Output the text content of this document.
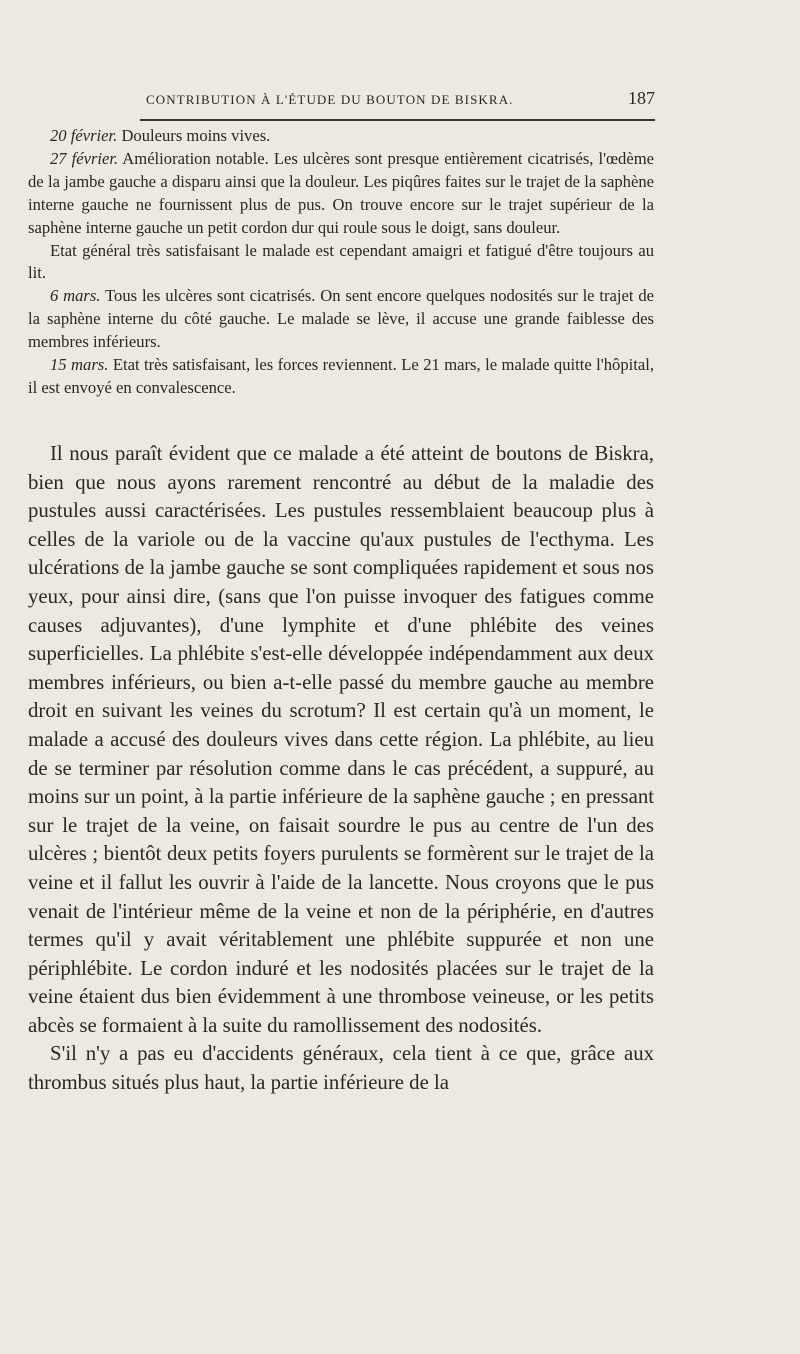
CONTRIBUTION À L'ÉTUDE DU BOUTON DE BISKRA.	187

20 février. Douleurs moins vives.

27 février. Amélioration notable. Les ulcères sont presque entièrement cicatrisés, l'œdème de la jambe gauche a disparu ainsi que la douleur. Les piqûres faites sur le trajet de la saphène interne gauche ne fournissent plus de pus. On trouve encore sur le trajet supérieur de la saphène interne gauche un petit cordon dur qui roule sous le doigt, sans douleur.

Etat général très satisfaisant le malade est cependant amaigri et fatigué d'être toujours au lit.

6 mars. Tous les ulcères sont cicatrisés. On sent encore quelques nodosités sur le trajet de la saphène interne du côté gauche. Le malade se lève, il accuse une grande faiblesse des membres inférieurs.

15 mars. Etat très satisfaisant, les forces reviennent. Le 21 mars, le malade quitte l'hôpital, il est envoyé en convalescence.

Il nous paraît évident que ce malade a été atteint de boutons de Biskra, bien que nous ayons rarement rencontré au début de la maladie des pustules aussi caractérisées. Les pustules ressemblaient beaucoup plus à celles de la variole ou de la vaccine qu'aux pustules de l'ecthyma. Les ulcérations de la jambe gauche se sont compliquées rapidement et sous nos yeux, pour ainsi dire, (sans que l'on puisse invoquer des fatigues comme causes adjuvantes), d'une lymphite et d'une phlébite des veines superficielles. La phlébite s'est-elle développée indépendamment aux deux membres inférieurs, ou bien a-t-elle passé du membre gauche au membre droit en suivant les veines du scrotum? Il est certain qu'à un moment, le malade a accusé des douleurs vives dans cette région. La phlébite, au lieu de se terminer par résolution comme dans le cas précédent, a suppuré, au moins sur un point, à la partie inférieure de la saphène gauche ; en pressant sur le trajet de la veine, on faisait sourdre le pus au centre de l'un des ulcères ; bientôt deux petits foyers purulents se formèrent sur le trajet de la veine et il fallut les ouvrir à l'aide de la lancette. Nous croyons que le pus venait de l'intérieur même de la veine et non de la périphérie, en d'autres termes qu'il y avait véritablement une phlébite suppurée et non une périphlébite. Le cordon induré et les nodosités placées sur le trajet de la veine étaient dus bien évidemment à une thrombose veineuse, or les petits abcès se formaient à la suite du ramollissement des nodosités.

S'il n'y a pas eu d'accidents généraux, cela tient à ce que, grâce aux thrombus situés plus haut, la partie inférieure de la
